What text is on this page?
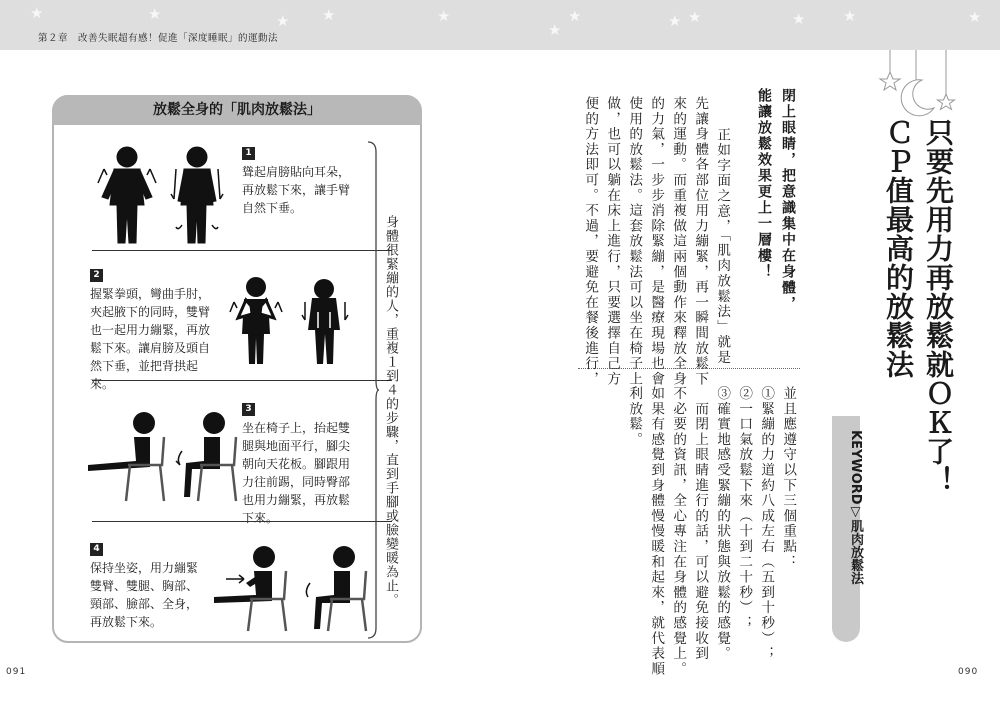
★	★	★ ★	★
★
★	★ ★	★	★	★
第２章　改善失眠超有感！促進「深度睡眠」的運動法
放鬆全身的「肌肉放鬆法」
1
聳起肩膀貼向耳朵，
再放鬆下來，讓手臂
自然下垂。
2
握緊拳頭，彎曲手肘，
夾起腋下的同時，雙臂
也一起用力繃緊，再放
鬆下來。讓肩膀及頭自
然下垂，並把背拱起
來。
3
坐在椅子上，抬起雙
腿與地面平行，腳尖
朝向天花板。腳跟用
力往前踢，同時臀部
也用力繃緊，再放鬆
下來。
4
保持坐姿，用力繃緊
雙臂、雙腿、胸部、
頸部、臉部、全身，
再放鬆下來。
身體很緊繃的人，重複１到４的步驟，直到手腳或臉變暖為止。
091
只要先用力再放鬆就ＯＫ了！
ＣＰ值最高的放鬆法
閉上眼睛，把意識集中在身體，
能讓放鬆效果更上一層樓！
　正如字面之意，「肌肉放鬆法」就是
先讓身體各部位用力繃緊，再一瞬間放鬆下
來的運動。而重複做這兩個動作來釋放全身
的力氣，一步步消除緊繃，是醫療現場也會
使用的放鬆法。這套放鬆法可以坐在椅子上
做，也可以躺在床上進行，只要選擇自己方
便的方法即可。不過，要避免在餐後進行，
並且應遵守以下三個重點：
①緊繃的力道約八成左右（五到十秒）；
②一口氣放鬆下來（十到二十秒）；
③確實地感受緊繃的狀態與放鬆的感覺。
　而閉上眼睛進行的話，可以避免接收到
不必要的資訊，全心專注在身體的感覺上。
如果有感覺到身體慢慢暖和起來，就代表順
利放鬆。
KEYWORD▽肌肉放鬆法
090
